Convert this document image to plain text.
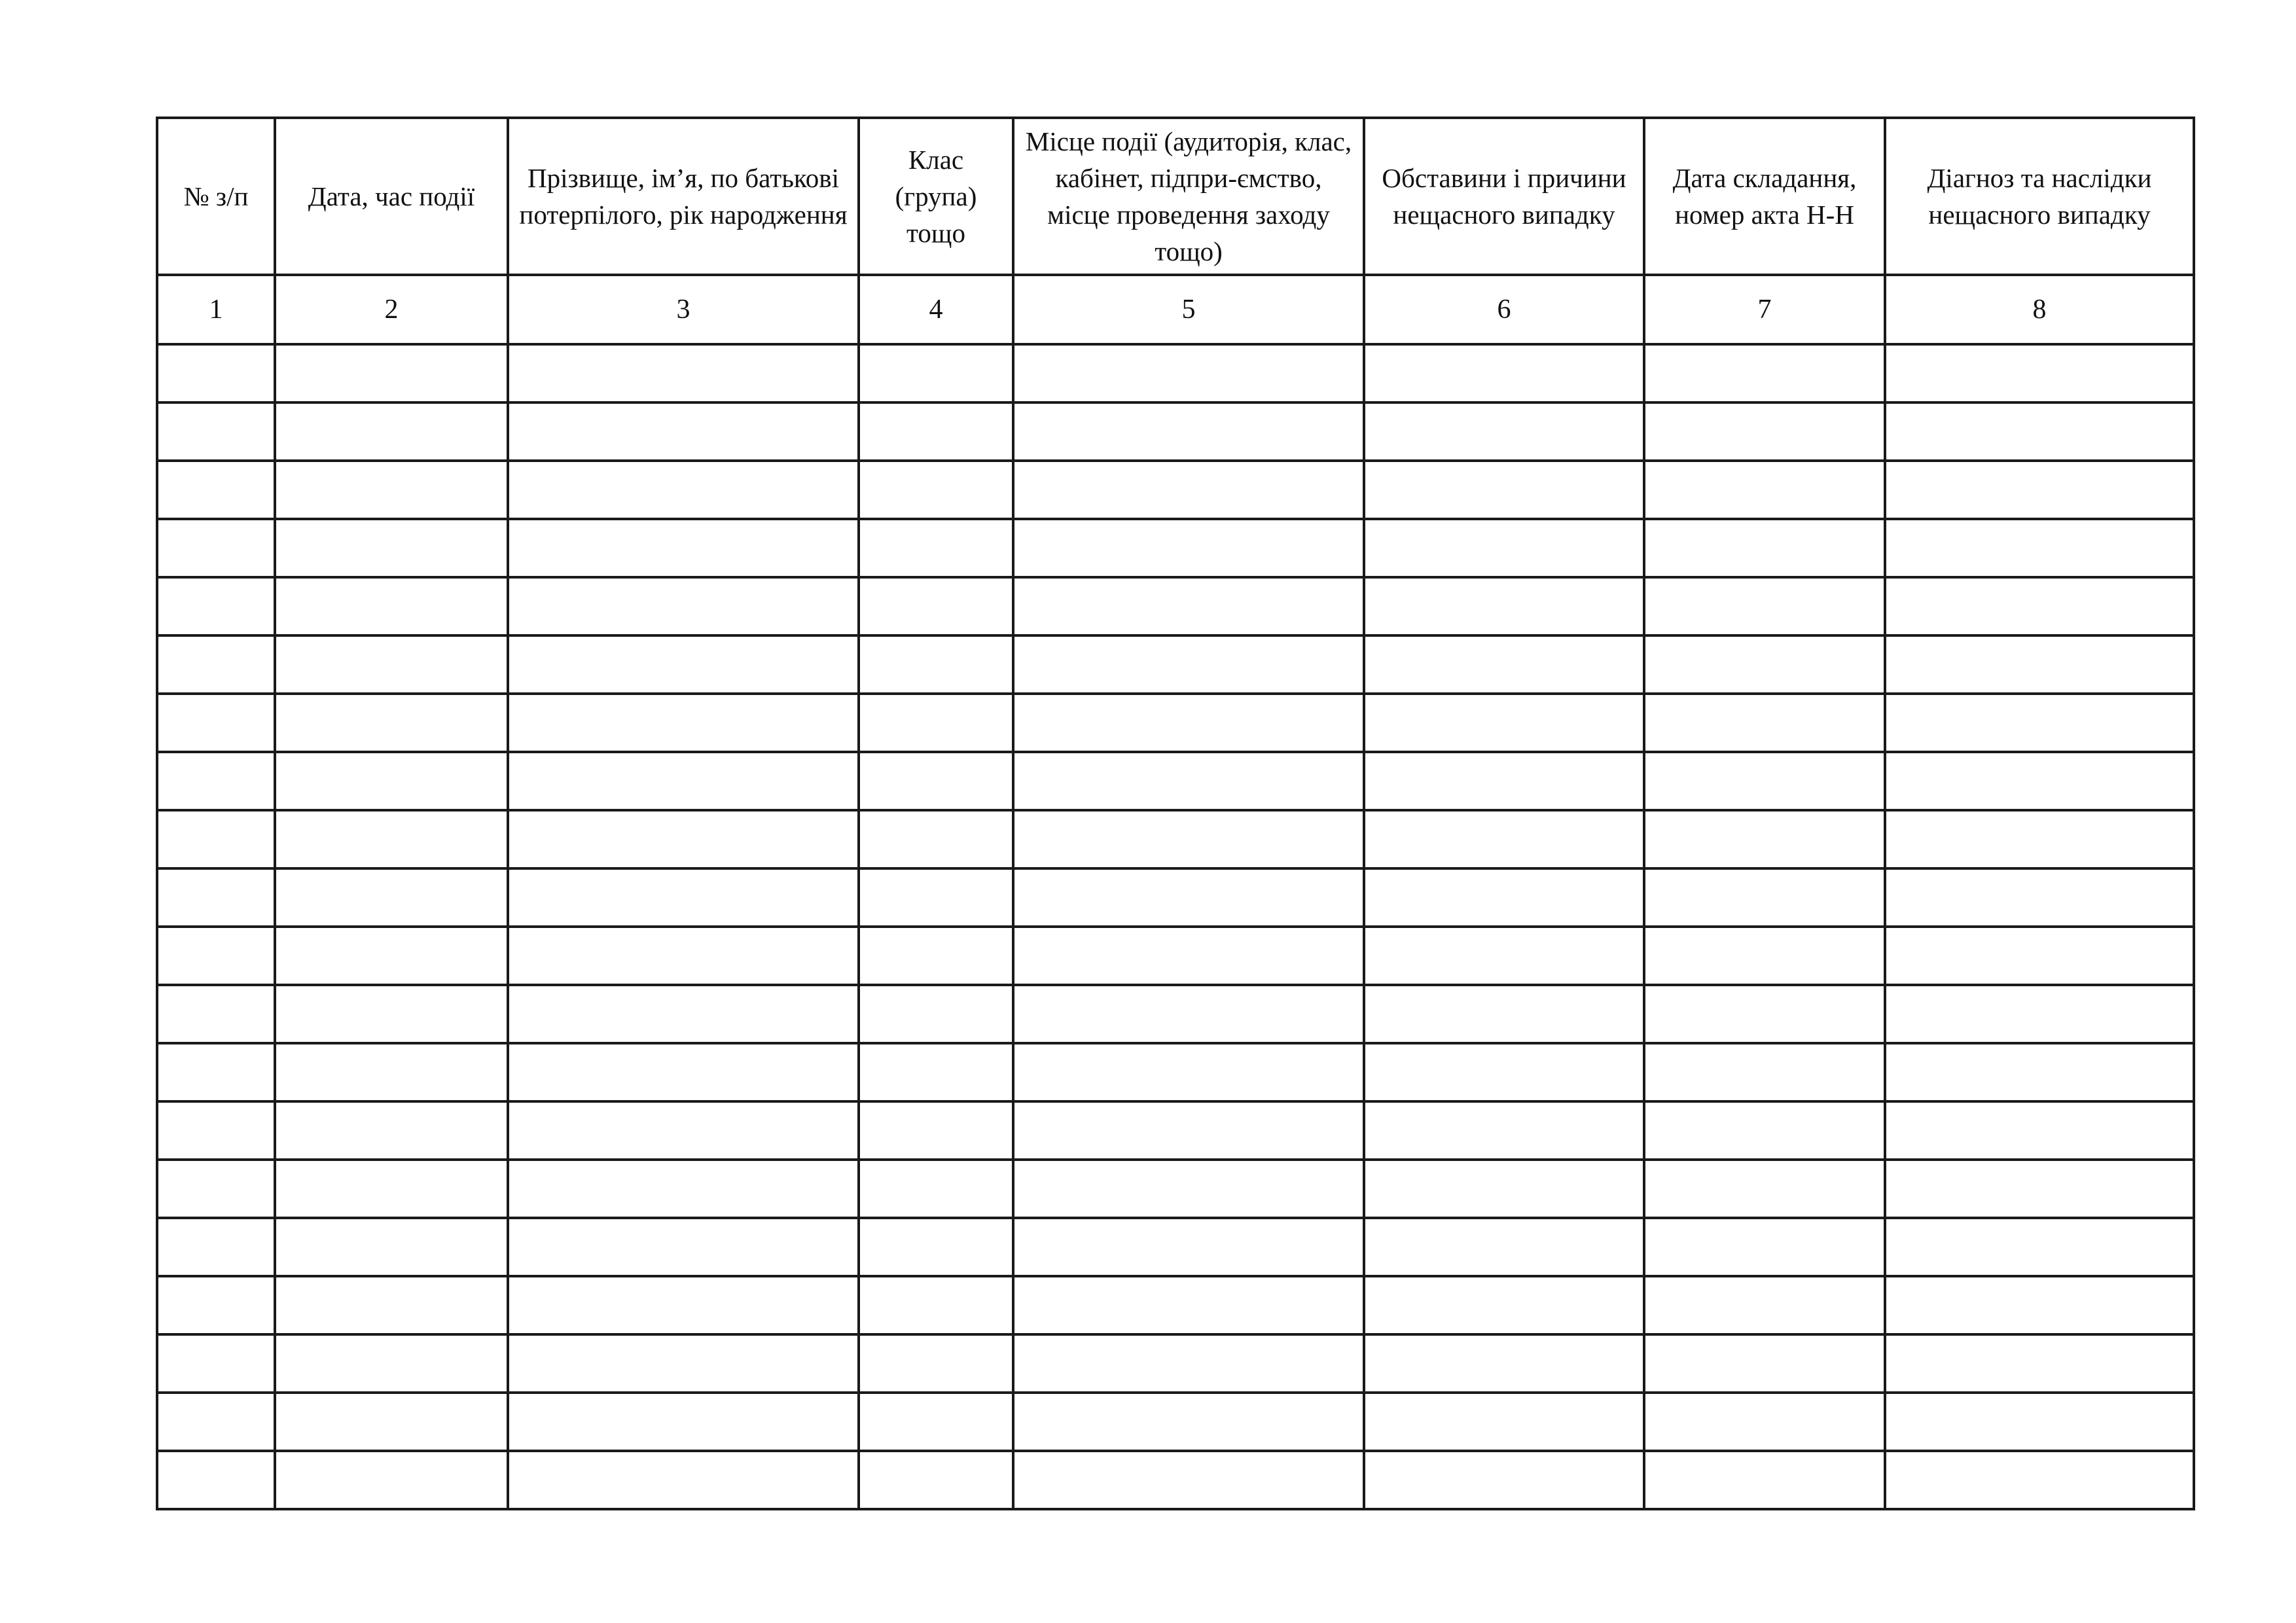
№ з/п	Дата, час події	Прізвище, ім’я, по батькові потерпілого, рік народження	Клас (група) тощо	Місце події (аудиторія, клас, кабінет, підпри-ємство, місце проведення заходу тощо)	Обставини і причини нещасного випадку	Дата складання, номер акта Н-Н	Діагноз та наслідки нещасного випадку
1	2	3	4	5	6	7	8
